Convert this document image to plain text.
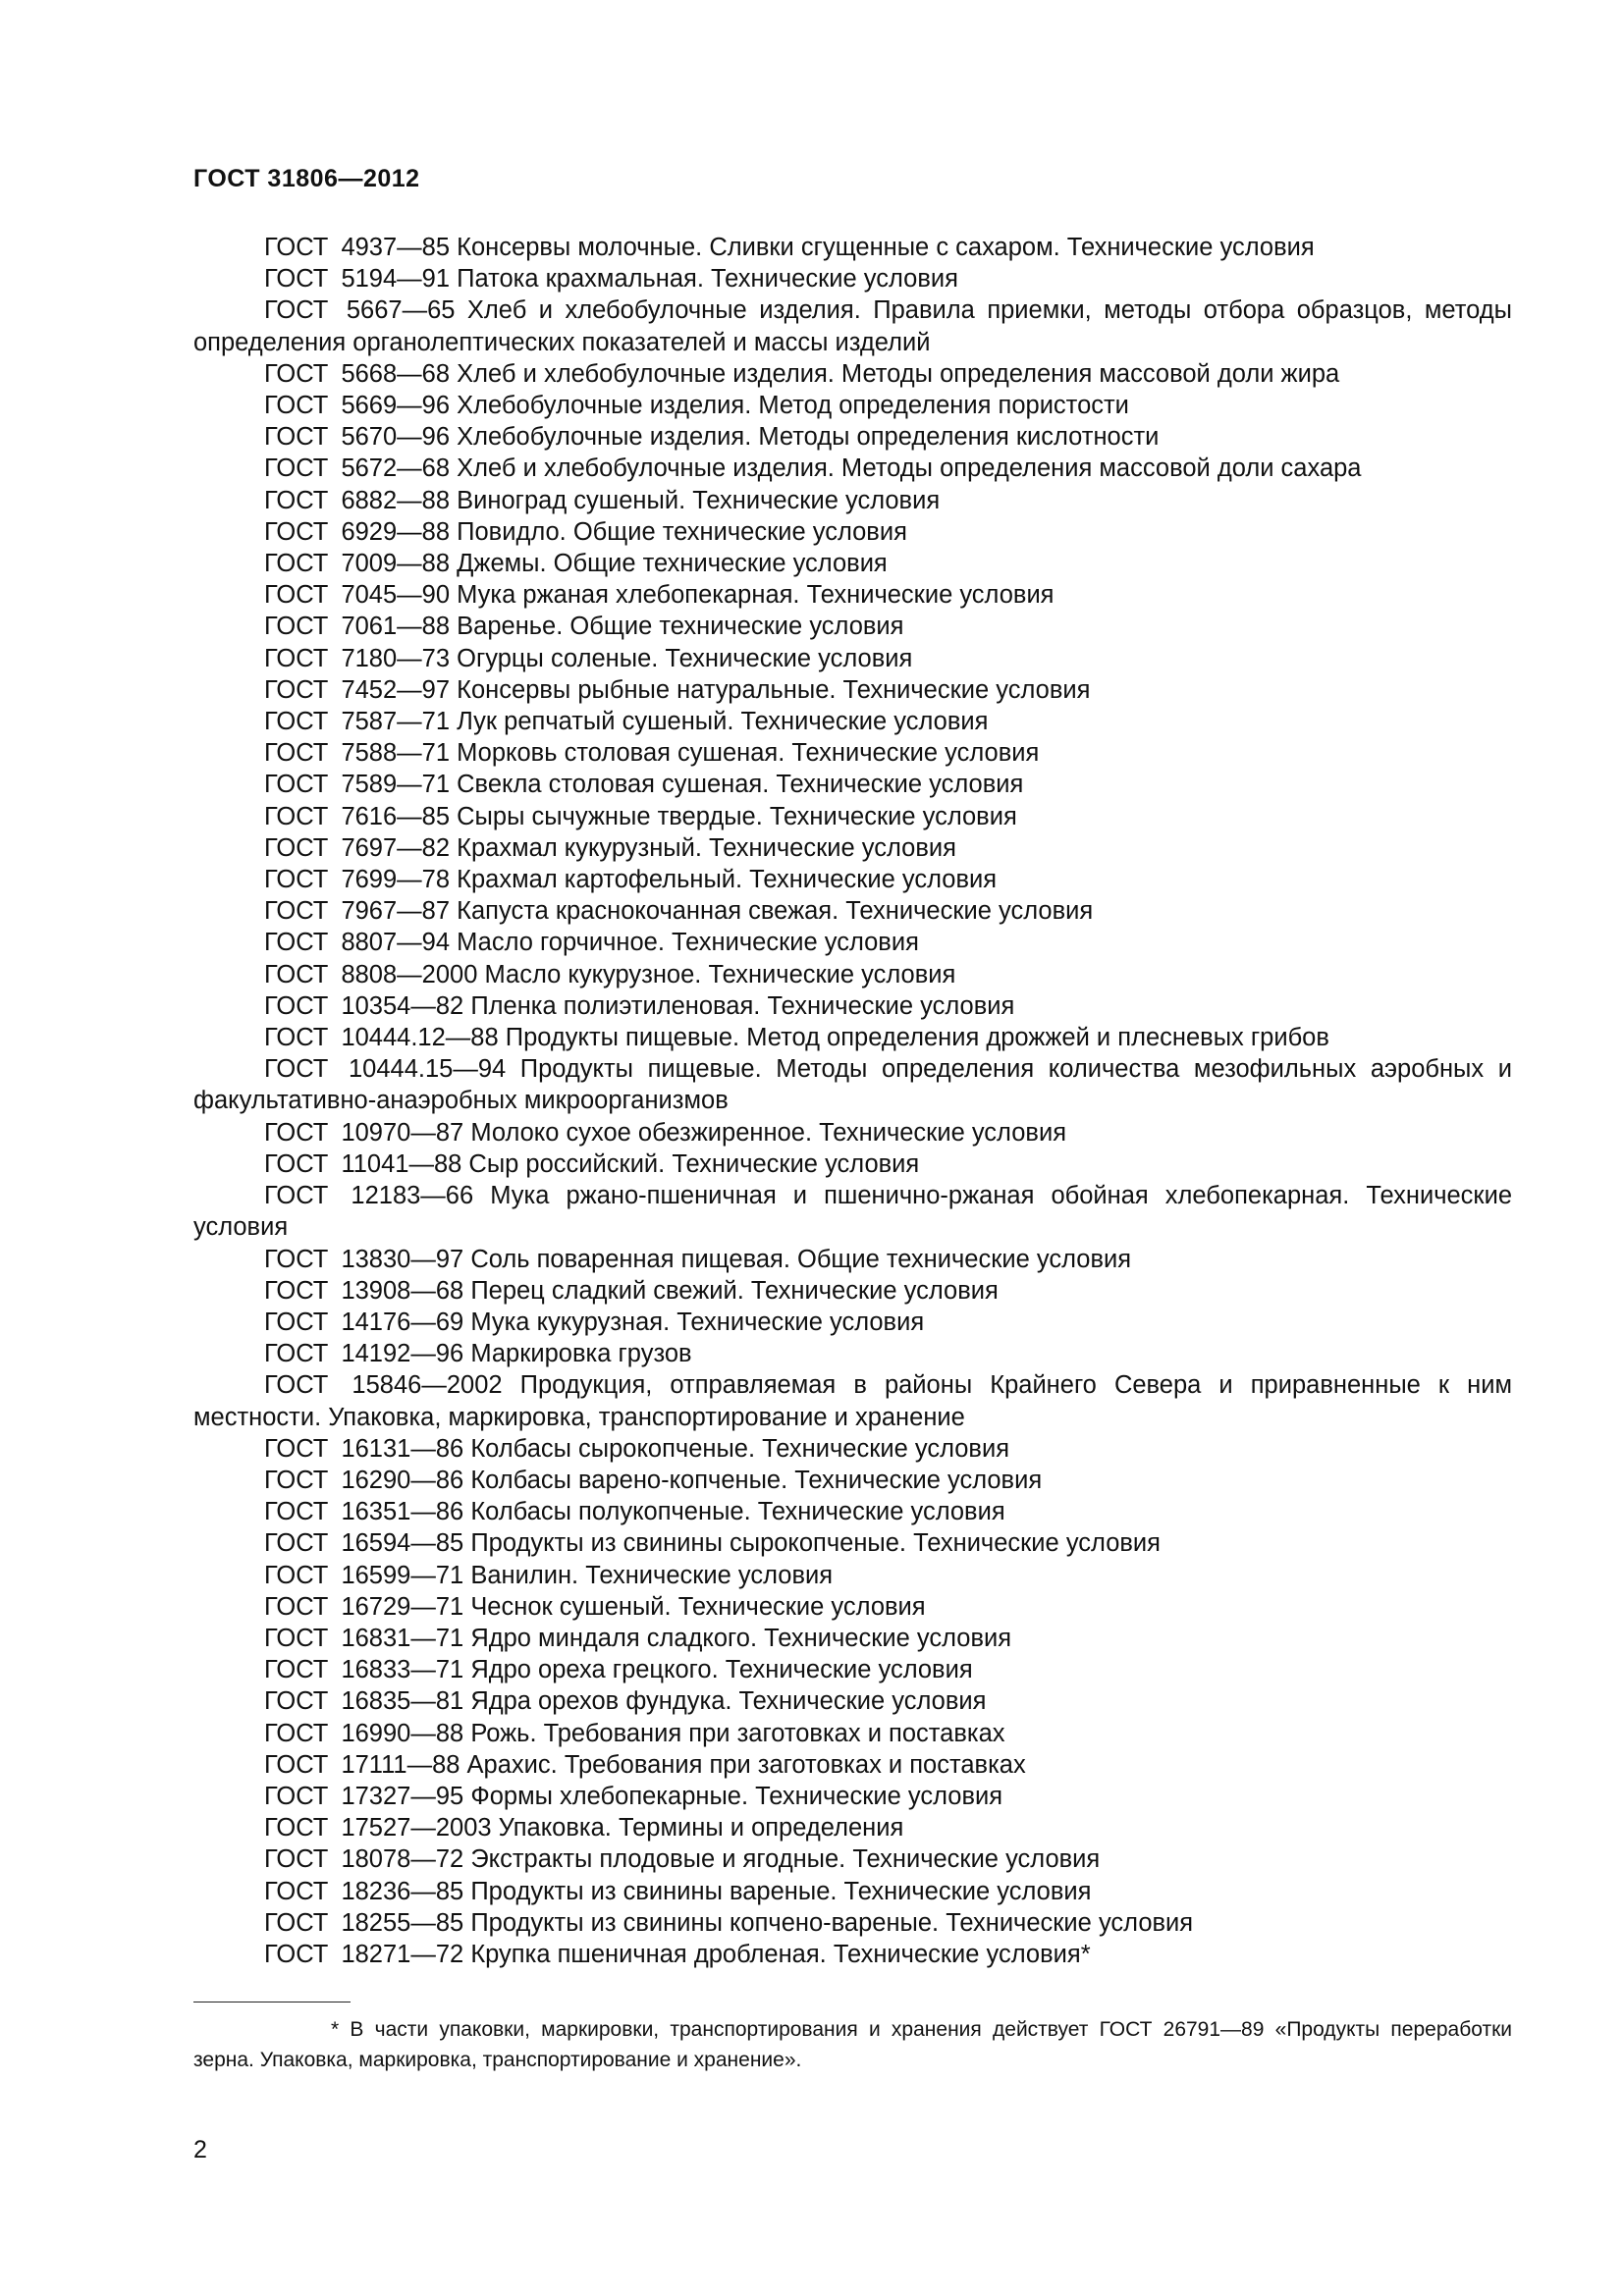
ГОСТ 31806—2012

ГОСТ 4937—85 Консервы молочные. Сливки сгущенные с сахаром. Технические условия

ГОСТ 5194—91 Патока крахмальная. Технические условия

ГОСТ 5667—65 Хлеб и хлебобулочные изделия. Правила приемки, методы отбора образцов, методы определения органолептических показателей и массы изделий

ГОСТ 5668—68 Хлеб и хлебобулочные изделия. Методы определения массовой доли жира

ГОСТ 5669—96 Хлебобулочные изделия. Метод определения пористости

ГОСТ 5670—96 Хлебобулочные изделия. Методы определения кислотности

ГОСТ 5672—68 Хлеб и хлебобулочные изделия. Методы определения массовой доли сахара

ГОСТ 6882—88 Виноград сушеный. Технические условия

ГОСТ 6929—88 Повидло. Общие технические условия

ГОСТ 7009—88 Джемы. Общие технические условия

ГОСТ 7045—90 Мука ржаная хлебопекарная. Технические условия

ГОСТ 7061—88 Варенье. Общие технические условия

ГОСТ 7180—73 Огурцы соленые. Технические условия

ГОСТ 7452—97 Консервы рыбные натуральные. Технические условия

ГОСТ 7587—71 Лук репчатый сушеный. Технические условия

ГОСТ 7588—71 Морковь столовая сушеная. Технические условия

ГОСТ 7589—71 Свекла столовая сушеная. Технические условия

ГОСТ 7616—85 Сыры сычужные твердые. Технические условия

ГОСТ 7697—82 Крахмал кукурузный. Технические условия

ГОСТ 7699—78 Крахмал картофельный. Технические условия

ГОСТ 7967—87 Капуста краснокочанная свежая. Технические условия

ГОСТ 8807—94 Масло горчичное. Технические условия

ГОСТ 8808—2000 Масло кукурузное. Технические условия

ГОСТ 10354—82 Пленка полиэтиленовая. Технические условия

ГОСТ 10444.12—88 Продукты пищевые. Метод определения дрожжей и плесневых грибов

ГОСТ 10444.15—94 Продукты пищевые. Методы определения количества мезофильных аэробных и факультативно-анаэробных микроорганизмов

ГОСТ 10970—87 Молоко сухое обезжиренное. Технические условия

ГОСТ 11041—88 Сыр российский. Технические условия

ГОСТ 12183—66 Мука ржано-пшеничная и пшенично-ржаная обойная хлебопекарная. Технические условия

ГОСТ 13830—97 Соль поваренная пищевая. Общие технические условия

ГОСТ 13908—68 Перец сладкий свежий. Технические условия

ГОСТ 14176—69 Мука кукурузная. Технические условия

ГОСТ 14192—96 Маркировка грузов

ГОСТ 15846—2002 Продукция, отправляемая в районы Крайнего Севера и приравненные к ним местности. Упаковка, маркировка, транспортирование и хранение

ГОСТ 16131—86 Колбасы сырокопченые. Технические условия

ГОСТ 16290—86 Колбасы варено-копченые. Технические условия

ГОСТ 16351—86 Колбасы полукопченые. Технические условия

ГОСТ 16594—85 Продукты из свинины сырокопченые. Технические условия

ГОСТ 16599—71 Ванилин. Технические условия

ГОСТ 16729—71 Чеснок сушеный. Технические условия

ГОСТ 16831—71 Ядро миндаля сладкого. Технические условия

ГОСТ 16833—71 Ядро ореха грецкого. Технические условия

ГОСТ 16835—81 Ядра орехов фундука. Технические условия

ГОСТ 16990—88 Рожь. Требования при заготовках и поставках

ГОСТ 17111—88 Арахис. Требования при заготовках и поставках

ГОСТ 17327—95 Формы хлебопекарные. Технические условия

ГОСТ 17527—2003 Упаковка. Термины и определения

ГОСТ 18078—72 Экстракты плодовые и ягодные. Технические условия

ГОСТ 18236—85 Продукты из свинины вареные. Технические условия

ГОСТ 18255—85 Продукты из свинины копчено-вареные. Технические условия

ГОСТ 18271—72 Крупка пшеничная дробленая. Технические условия*

* В части упаковки, маркировки, транспортирования и хранения действует ГОСТ 26791—89 «Продукты переработки зерна. Упаковка, маркировка, транспортирование и хранение».
2
